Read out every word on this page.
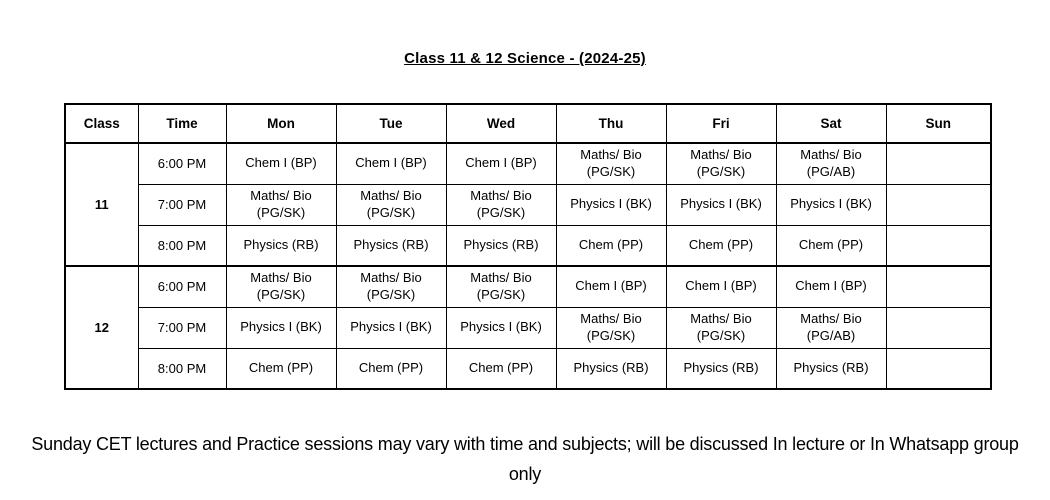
Class 11 & 12 Science - (2024-25)
Class	Time	Mon	Tue	Wed	Thu	Fri	Sat	Sun
11	6:00 PM	Chem I (BP)	Chem I (BP)	Chem I (BP)	Maths/ Bio (PG/SK)	Maths/ Bio (PG/SK)	Maths/ Bio (PG/AB)	
	7:00 PM	Maths/ Bio (PG/SK)	Maths/ Bio (PG/SK)	Maths/ Bio (PG/SK)	Physics I (BK)	Physics I (BK)	Physics I (BK)	
	8:00 PM	Physics (RB)	Physics (RB)	Physics (RB)	Chem (PP)	Chem (PP)	Chem (PP)	
12	6:00 PM	Maths/ Bio (PG/SK)	Maths/ Bio (PG/SK)	Maths/ Bio (PG/SK)	Chem I (BP)	Chem I (BP)	Chem I (BP)	
	7:00 PM	Physics I (BK)	Physics I (BK)	Physics I (BK)	Maths/ Bio (PG/SK)	Maths/ Bio (PG/SK)	Maths/ Bio (PG/AB)	
	8:00 PM	Chem (PP)	Chem (PP)	Chem (PP)	Physics (RB)	Physics (RB)	Physics (RB)	

Sunday CET lectures and Practice sessions may vary with time and subjects; will be discussed In lecture or In Whatsapp group only
